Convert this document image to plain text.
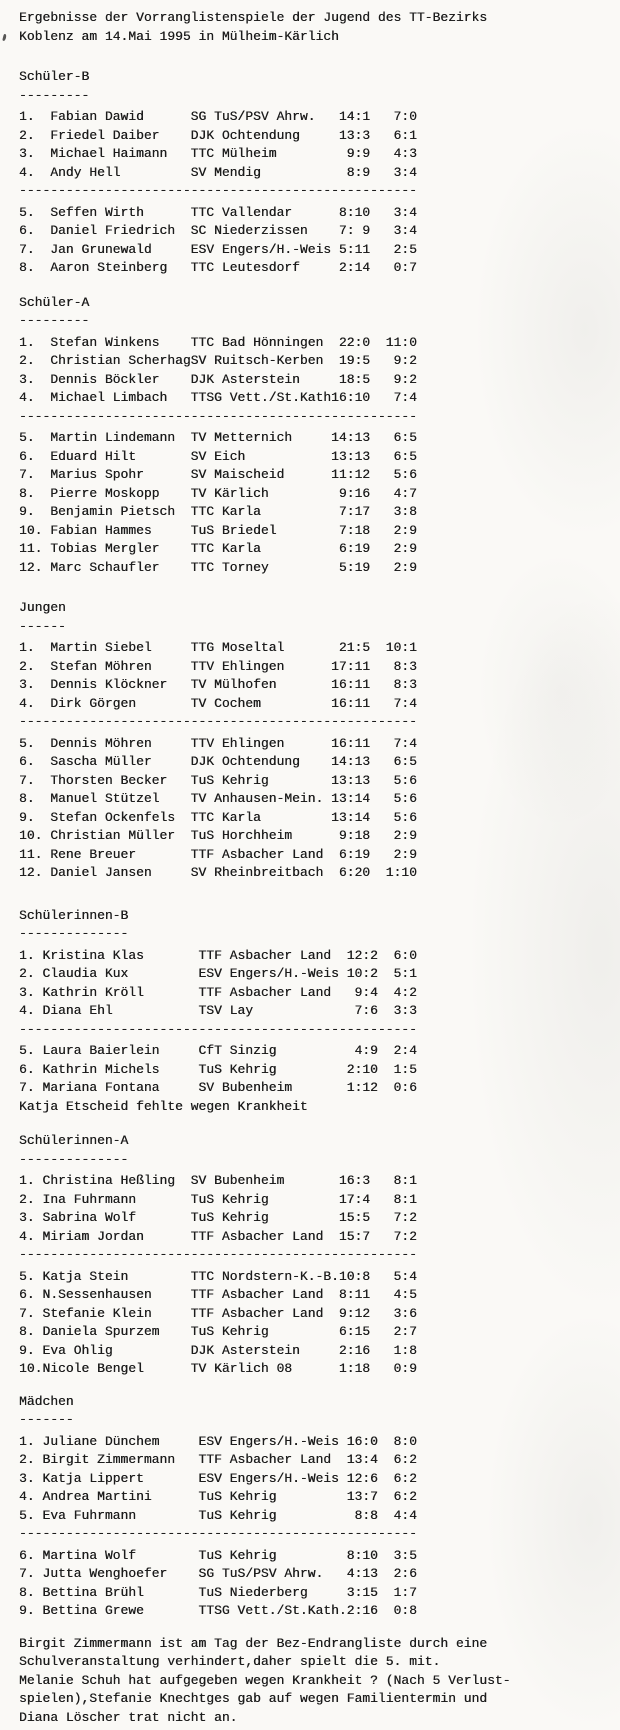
Ergebnisse der Vorranglistenspiele der Jugend des TT-Bezirks
Koblenz am 14.Mai 1995 in Mülheim-Kärlich
Schüler-B
---------
1.  Fabian Dawid      SG TuS/PSV Ahrw.   14:1   7:0
2.  Friedel Daiber    DJK Ochtendung     13:3   6:1
3.  Michael Haimann   TTC Mülheim         9:9   4:3
4.  Andy Hell         SV Mendig           8:9   3:4
---------------------------------------------------
5.  Seffen Wirth      TTC Vallendar      8:10   3:4
6.  Daniel Friedrich  SC Niederzissen    7: 9   3:4
7.  Jan Grunewald     ESV Engers/H.-Weis 5:11   2:5
8.  Aaron Steinberg   TTC Leutesdorf     2:14   0:7
Schüler-A
---------
1.  Stefan Winkens    TTC Bad Hönningen  22:0  11:0
2.  Christian ScherhagSV Ruitsch-Kerben  19:5   9:2
3.  Dennis Böckler    DJK Asterstein     18:5   9:2
4.  Michael Limbach   TTSG Vett./St.Kath16:10   7:4
---------------------------------------------------
5.  Martin Lindemann  TV Metternich     14:13   6:5
6.  Eduard Hilt       SV Eich           13:13   6:5
7.  Marius Spohr      SV Maischeid      11:12   5:6
8.  Pierre Moskopp    TV Kärlich         9:16   4:7
9.  Benjamin Pietsch  TTC Karla          7:17   3:8
10. Fabian Hammes     TuS Briedel        7:18   2:9
11. Tobias Mergler    TTC Karla          6:19   2:9
12. Marc Schaufler    TTC Torney         5:19   2:9
Jungen
------
1.  Martin Siebel     TTG Moseltal       21:5  10:1
2.  Stefan Möhren     TTV Ehlingen      17:11   8:3
3.  Dennis Klöckner   TV Mülhofen       16:11   8:3
4.  Dirk Görgen       TV Cochem         16:11   7:4
---------------------------------------------------
5.  Dennis Möhren     TTV Ehlingen      16:11   7:4
6.  Sascha Müller     DJK Ochtendung    14:13   6:5
7.  Thorsten Becker   TuS Kehrig        13:13   5:6
8.  Manuel Stützel    TV Anhausen-Mein. 13:14   5:6
9.  Stefan Ockenfels  TTC Karla         13:14   5:6
10. Christian Müller  TuS Horchheim      9:18   2:9
11. Rene Breuer       TTF Asbacher Land  6:19   2:9
12. Daniel Jansen     SV Rheinbreitbach  6:20  1:10
Schülerinnen-B
--------------
1. Kristina Klas       TTF Asbacher Land  12:2  6:0
2. Claudia Kux         ESV Engers/H.-Weis 10:2  5:1
3. Kathrin Kröll       TTF Asbacher Land   9:4  4:2
4. Diana Ehl           TSV Lay             7:6  3:3
---------------------------------------------------
5. Laura Baierlein     CfT Sinzig          4:9  2:4
6. Kathrin Michels     TuS Kehrig         2:10  1:5
7. Mariana Fontana     SV Bubenheim       1:12  0:6
Katja Etscheid fehlte wegen Krankheit
Schülerinnen-A
--------------
1. Christina Heßling  SV Bubenheim       16:3   8:1
2. Ina Fuhrmann       TuS Kehrig         17:4   8:1
3. Sabrina Wolf       TuS Kehrig         15:5   7:2
4. Miriam Jordan      TTF Asbacher Land  15:7   7:2
---------------------------------------------------
5. Katja Stein        TTC Nordstern-K.-B.10:8   5:4
6. N.Sessenhausen     TTF Asbacher Land  8:11   4:5
7. Stefanie Klein     TTF Asbacher Land  9:12   3:6
8. Daniela Spurzem    TuS Kehrig         6:15   2:7
9. Eva Ohlig          DJK Asterstein     2:16   1:8
10.Nicole Bengel      TV Kärlich 08      1:18   0:9
Mädchen
-------
1. Juliane Dünchem     ESV Engers/H.-Weis 16:0  8:0
2. Birgit Zimmermann   TTF Asbacher Land  13:4  6:2
3. Katja Lippert       ESV Engers/H.-Weis 12:6  6:2
4. Andrea Martini      TuS Kehrig         13:7  6:2
5. Eva Fuhrmann        TuS Kehrig          8:8  4:4
---------------------------------------------------
6. Martina Wolf        TuS Kehrig         8:10  3:5
7. Jutta Wenghoefer    SG TuS/PSV Ahrw.   4:13  2:6
8. Bettina Brühl       TuS Niederberg     3:15  1:7
9. Bettina Grewe       TTSG Vett./St.Kath.2:16  0:8
Birgit Zimmermann ist am Tag der Bez-Endrangliste durch eine
Schulveranstaltung verhindert,daher spielt die 5. mit.
Melanie Schuh hat aufgegeben wegen Krankheit ? (Nach 5 Verlust-
spielen),Stefanie Knechtges gab auf wegen Familientermin und
Diana Löscher trat nicht an.
